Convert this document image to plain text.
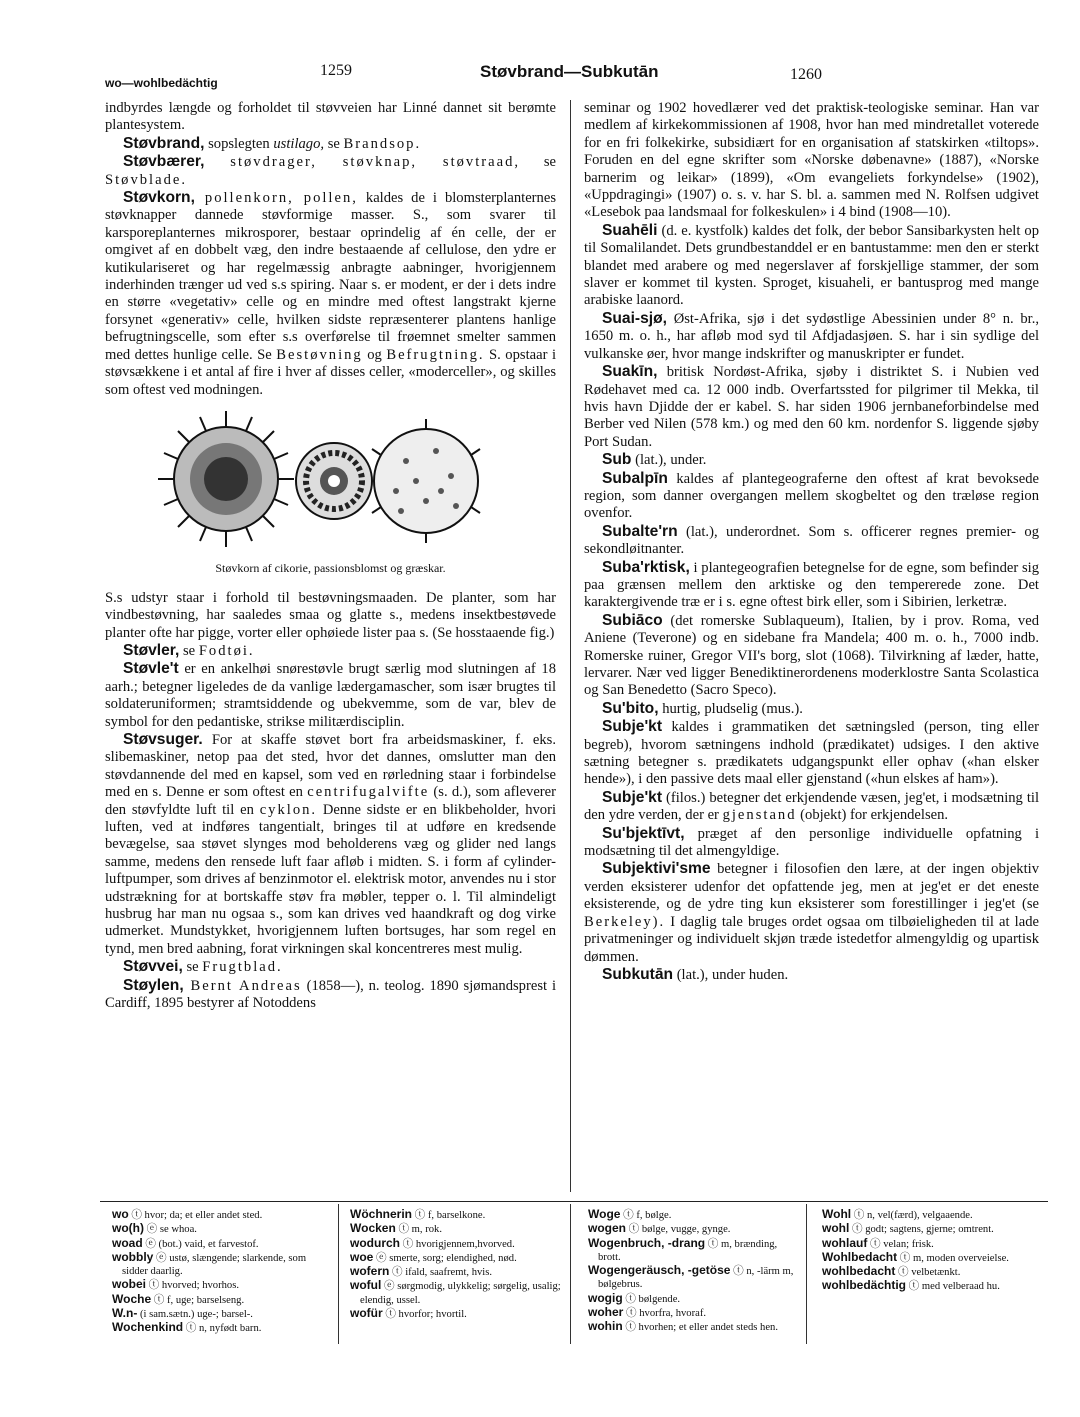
wo—wohlbedächtig
1259	Støvbrand—Subkutān	1260

indbyrdes længde og forholdet til støvveien har Linné dannet sit berømte plantesystem.

Støvbrand, sopslegten ustilago, se Brandsop.

Støvbærer, støvdrager, støvknap, støvtraad, se Støvblade.

Støvkorn, pollenkorn, pollen, kaldes de i blomsterplanternes støvknapper dannede støvformige masser. S., som svarer til karsporeplanternes mikrosporer, bestaar oprindelig af én celle, der er omgivet af en dobbelt væg, den indre bestaaende af cellulose, den ydre er kutikulariseret og har regelmæssig anbragte aabninger, hvorigjennem inderhinden trænger ud ved s.s spiring. Naar s. er modent, er der i dets indre en større «vegetativ» celle og en mindre med oftest langstrakt kjerne forsynet «generativ» celle, hvilken sidste repræsenterer plantens hanlige befrugtningscelle, som efter s.s overførelse til frøemnet smelter sammen med dettes hunlige celle. Se Bestøvning og Befrugtning. S. opstaar i støvsækkene i et antal af fire i hver af disses celler, «moderceller», og skilles som oftest ved modningen.

Støvkorn af cikorie, passionsblomst og græskar.

S.s udstyr staar i forhold til bestøvningsmaaden. De planter, som har vindbestøvning, har saaledes smaa og glatte s., medens insektbestøvede planter ofte har pigge, vorter eller ophøiede lister paa s. (Se hosstaaende fig.)

Støvler, se Fodtøi.

Støvle't er en ankelhøi snørestøvle brugt særlig mod slutningen af 18 aarh.; betegner ligeledes de da vanlige lædergamascher, som især brugtes til soldateruniformen; stramtsiddende og ubekvemme, som de var, blev de symbol for den pedantiske, strikse militærdisciplin.

Støvsuger. For at skaffe støvet bort fra arbeidsmaskiner, f. eks. slibemaskiner, netop paa det sted, hvor det dannes, omslutter man den støvdannende del med en kapsel, som ved en rørledning staar i forbindelse med en s. Denne er som oftest en centrifugalvifte (s. d.), som afleverer den støvfyldte luft til en cyklon. Denne sidste er en blikbeholder, hvori luften, ved at indføres tangentialt, bringes til at udføre en kredsende bevægelse, saa støvet slynges mod beholderens væg og glider ned langs samme, medens den rensede luft faar afløb i midten. S. i form af cylinder-luftpumper, som drives af benzinmotor el. elektrisk motor, anvendes nu i stor udstrækning for at bortskaffe støv fra møbler, tepper o. l. Til almindeligt husbrug har man nu ogsaa s., som kan drives ved haandkraft og dog virke udmerket. Mundstykket, hvorigjennem luften bortsuges, har som regel en tynd, men bred aabning, forat virkningen skal koncentreres mest mulig.

Støvvei, se Frugtblad.

Støylen, Bernt Andreas (1858—), n. teolog. 1890 sjømandsprest i Cardiff, 1895 bestyrer af Notoddens

seminar og 1902 hovedlærer ved det praktisk-teologiske seminar. Han var medlem af kirkekommissionen af 1908, hvor han med mindretallet voterede for en fri folkekirke, subsidiært for en organisation af statskirken «tiltops». Foruden en del egne skrifter som «Norske døbenavne» (1887), «Norske barnerim og leikar» (1899), «Om evangeliets forkyndelse» (1902), «Uppdragingi» (1907) o. s. v. har S. bl. a. sammen med N. Rolfsen udgivet «Lesebok paa landsmaal for folkeskulen» i 4 bind (1908—10).

Suahēli (d. e. kystfolk) kaldes det folk, der bebor Sansibarkysten helt op til Somalilandet. Dets grundbestanddel er en bantustamme: men den er sterkt blandet med arabere og med negerslaver af forskjellige stammer, der som slaver er kommet til kysten. Sproget, kisuaheli, er bantusprog med mange arabiske laanord.

Suai-sjø, Øst-Afrika, sjø i det sydøstlige Abessinien under 8° n. br., 1650 m. o. h., har afløb mod syd til Afdjadasjøen. S. har i sin sydlige del vulkanske øer, hvor mange indskrifter og manuskripter er fundet.

Suakīn, britisk Nordøst-Afrika, sjøby i distriktet S. i Nubien ved Rødehavet med ca. 12 000 indb. Overfartssted for pilgrimer til Mekka, til hvis havn Djidde der er kabel. S. har siden 1906 jernbaneforbindelse med Berber ved Nilen (578 km.) og med den 60 km. nordenfor S. liggende sjøby Port Sudan.

Sub (lat.), under.

Subalpīn kaldes af plantegeograferne den oftest af krat bevoksede region, som danner overgangen mellem skogbeltet og den træløse region ovenfor.

Subalte'rn (lat.), underordnet. Som s. officerer regnes premier- og sekondløitnanter.

Suba'rktisk, i plantegeografien betegnelse for de egne, som befinder sig paa grænsen mellem den arktiske og den tempererede zone. Det karaktergivende træ er i s. egne oftest birk eller, som i Sibirien, lerketræ.

Subiāco (det romerske Sublaqueum), Italien, by i prov. Roma, ved Aniene (Teverone) og en sidebane fra Mandela; 400 m. o. h., 7000 indb. Romerske ruiner, Gregor VII's borg, slot (1068). Tilvirkning af læder, hatte, lervarer. Nær ved ligger Benediktinerordenens moderklostre Santa Scolastica og San Benedetto (Sacro Speco).

Su'bito, hurtig, pludselig (mus.).

Subje'kt kaldes i grammatiken det sætningsled (person, ting eller begreb), hvorom sætningens indhold (prædikatet) udsiges. I den aktive sætning betegner s. prædikatets udgangspunkt eller ophav («han elsker hende»), i den passive dets maal eller gjenstand («hun elskes af ham»).

Subje'kt (filos.) betegner det erkjendende væsen, jeg'et, i modsætning til den ydre verden, der er gjenstand (objekt) for erkjendelsen.

Su'bjektīvt, præget af den personlige individuelle opfatning i modsætning til det almengyldige.

Subjektivi'sme betegner i filosofien den lære, at der ingen objektiv verden eksisterer udenfor det opfattende jeg, men at jeg'et er det eneste eksisterende, og de ydre ting kun eksisterer som forestillinger i jeg'et (se Berkeley). I daglig tale bruges ordet ogsaa om tilbøieligheden til at lade privatmeninger og individuelt skjøn træde istedetfor almengyldig og upartisk dømmen.

Subkutān (lat.), under huden.

wo ⓣ hvor; da; et eller andet sted.
wo(h) ⓔ se whoa.
woad ⓔ (bot.) vaid, et farvestof.
wobbly ⓔ ustø, slængende; slarkende, som sidder daarlig.
wobei ⓣ hvorved; hvorhos.
Woche ⓣ f, uge; barselseng.
W.n- (i sam.sætn.) uge-; barsel-.
Wochenkind ⓣ n, nyfødt barn.
Wöchnerin ⓣ f, barselkone.
Wocken ⓣ m, rok.
wodurch ⓣ hvorigjennem,hvorved.
woe ⓔ smerte, sorg; elendighed, nød.
wofern ⓣ ifald, saafremt, hvis.
woful ⓔ sørgmodig, ulykkelig; sørgelig, usalig; elendig, ussel.
wofür ⓣ hvorfor; hvortil.
Woge ⓣ f, bølge.
wogen ⓣ bølge, vugge, gynge.
Wogenbruch, -drang ⓣ m, brænding, brott.
Wogengeräusch, -getöse ⓣ n, -lärm m, bølgebrus.
wogig ⓣ bølgende.
woher ⓣ hvorfra, hvoraf.
wohin ⓣ hvorhen; et eller andet steds hen.
Wohl ⓣ n, vel(færd), velgaaende.
wohl ⓣ godt; sagtens, gjerne; omtrent.
wohlauf ⓣ velan; frisk.
Wohlbedacht ⓣ m, moden overveielse.
wohlbedacht ⓣ velbetænkt.
wohlbedächtig ⓣ med velberaad hu.
